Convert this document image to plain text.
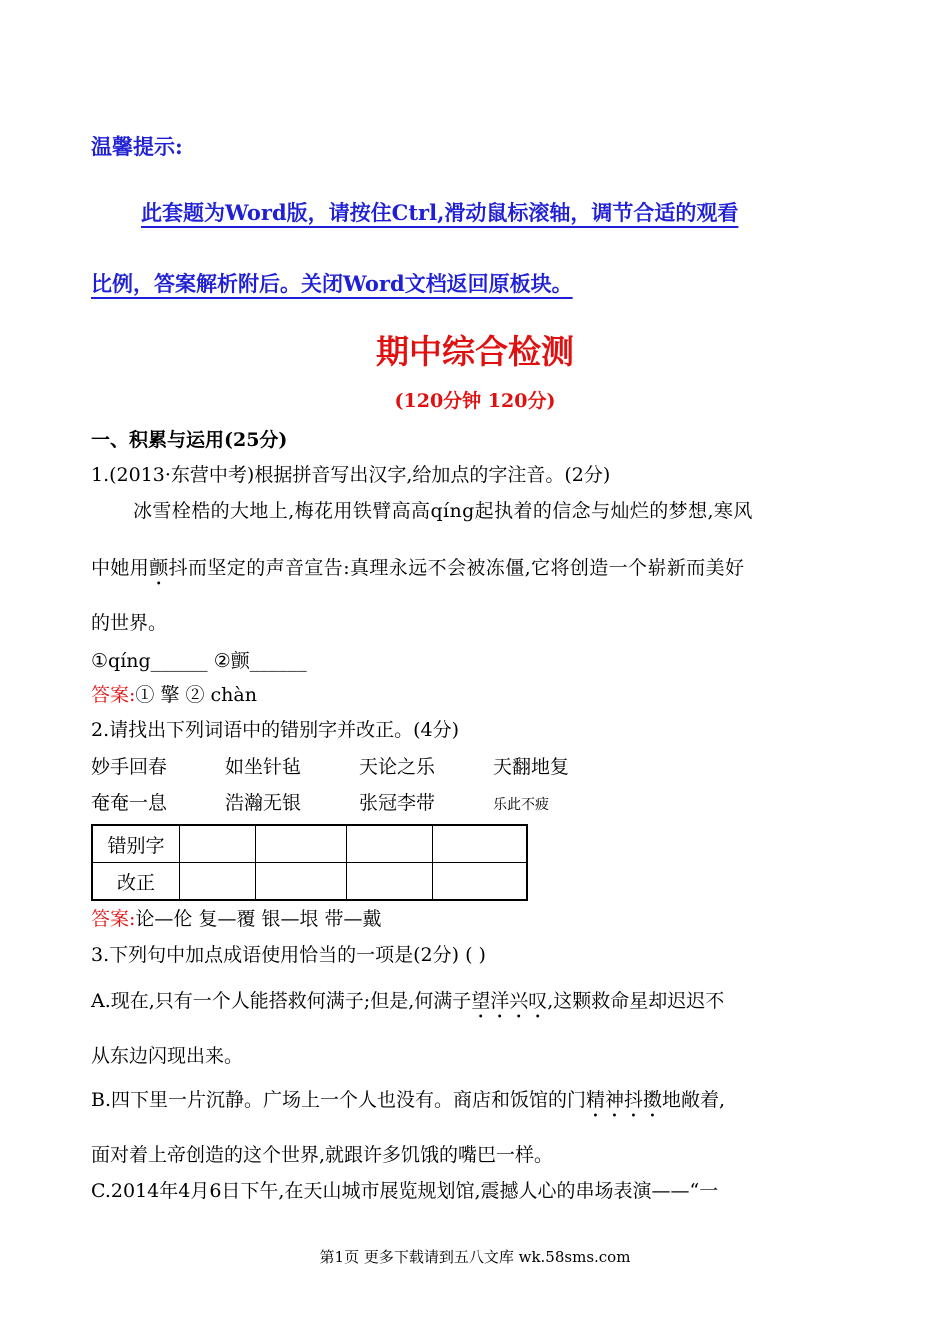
温馨提示:
此套题为Word版，请按住Ctrl,滑动鼠标滚轴，调节合适的观看
比例，答案解析附后。关闭Word文档返回原板块。
期中综合检测
(120分钟 120分)
一、积累与运用(25分)
1.(2013·东营中考)根据拼音写出汉字,给加点的字注音。(2分)
冰雪栓梏的大地上,梅花用铁臂高高qíng起执着的信念与灿烂的梦想,寒风
中她用颤抖而坚定的声音宣告:真理永远不会被冻僵,它将创造一个崭新而美好
的世界。
①qíng______ ②颤______
答案:① 擎 ② chàn
2.请找出下列词语中的错别字并改正。(4分)
妙手回春	如坐针毡	天论之乐	天翻地复
奄奄一息	浩瀚无银	张冠李带	乐此不疲
错别字				
改正				
答案:论—伦 复—覆 银—垠 带—戴
3.下列句中加点成语使用恰当的一项是(2分) ( )
A.现在,只有一个人能搭救何满子;但是,何满子望洋兴叹,这颗救命星却迟迟不
从东边闪现出来。
B.四下里一片沉静。广场上一个人也没有。商店和饭馆的门精神抖擞地敞着,
面对着上帝创造的这个世界,就跟许多饥饿的嘴巴一样。
C.2014年4月6日下午,在天山城市展览规划馆,震撼人心的串场表演——“一
第1页 更多下载请到五八文库 wk.58sms.com
